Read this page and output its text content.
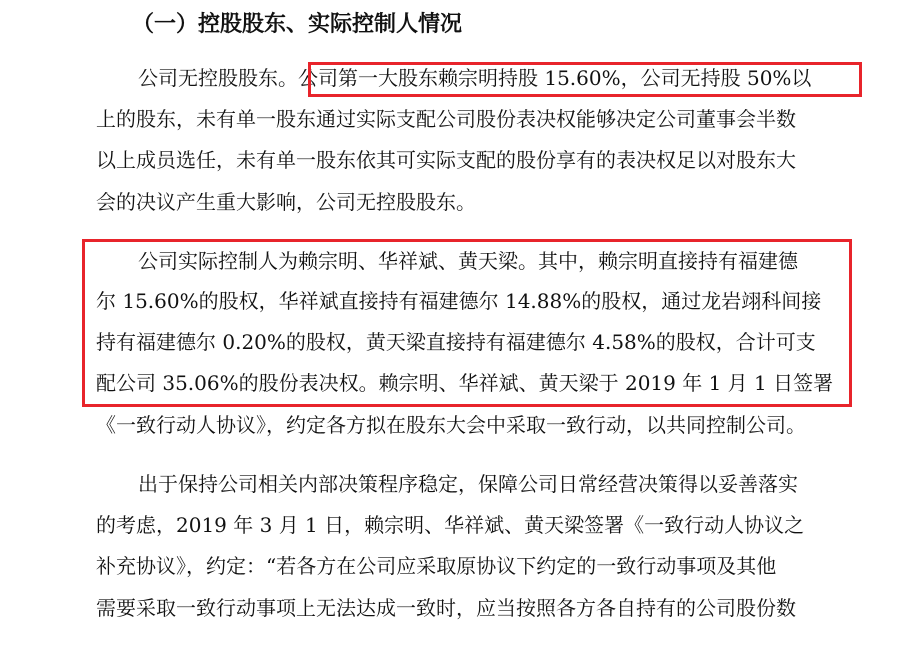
（一）控股股东、实际控制人情况
公司无控股股东。公司第一大股东赖宗明持股 15.60%，公司无持股 50%以
上的股东，未有单一股东通过实际支配公司股份表决权能够决定公司董事会半数
以上成员选任，未有单一股东依其可实际支配的股份享有的表决权足以对股东大
会的决议产生重大影响，公司无控股股东。
公司实际控制人为赖宗明、华祥斌、黄天梁。其中，赖宗明直接持有福建德
尔 15.60%的股权，华祥斌直接持有福建德尔 14.88%的股权，通过龙岩翊科间接
持有福建德尔 0.20%的股权，黄天梁直接持有福建德尔 4.58%的股权，合计可支
配公司 35.06%的股份表决权。赖宗明、华祥斌、黄天梁于 2019 年 1 月 1 日签署
《一致行动人协议》，约定各方拟在股东大会中采取一致行动，以共同控制公司。
出于保持公司相关内部决策程序稳定，保障公司日常经营决策得以妥善落实
的考虑，2019 年 3 月 1 日，赖宗明、华祥斌、黄天梁签署《一致行动人协议之
补充协议》，约定：“若各方在公司应采取原协议下约定的一致行动事项及其他
需要采取一致行动事项上无法达成一致时，应当按照各方各自持有的公司股份数
